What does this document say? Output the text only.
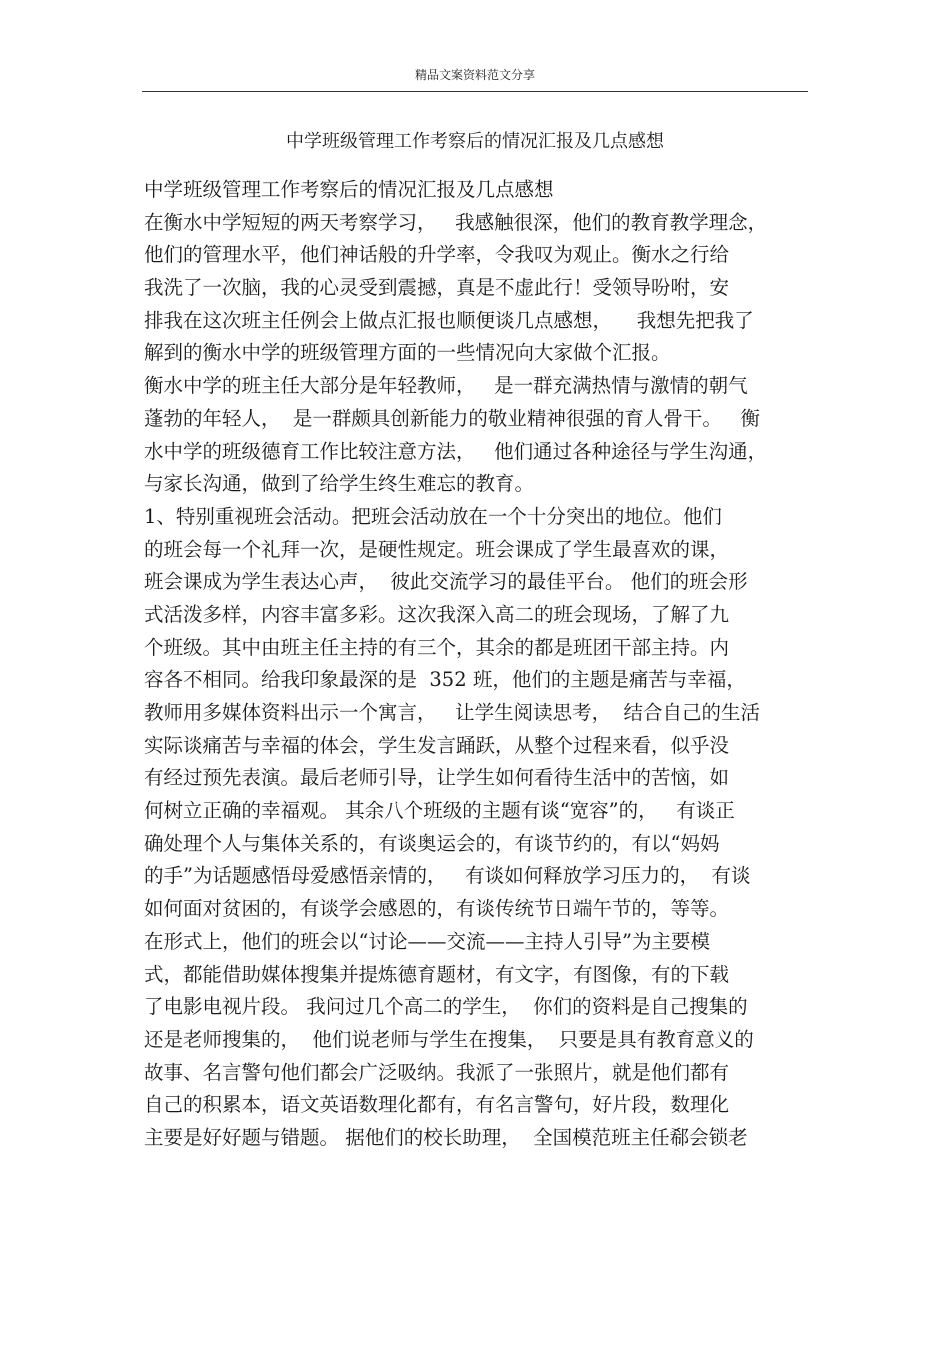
精品文案资料范文分享
中学班级管理工作考察后的情况汇报及几点感想
中学班级管理工作考察后的情况汇报及几点感想
在衡水中学短短的两天考察学习，   我感触很深，他们的教育教学理念，
他们的管理水平，他们神话般的升学率，令我叹为观止。衡水之行给
我洗了一次脑，我的心灵受到震撼，真是不虚此行！受领导吩咐，安
排我在这次班主任例会上做点汇报也顺便谈几点感想，    我想先把我了
解到的衡水中学的班级管理方面的一些情况向大家做个汇报。
衡水中学的班主任大部分是年轻教师，   是一群充满热情与激情的朝气
蓬勃的年轻人，  是一群颇具创新能力的敬业精神很强的育人骨干。   衡
水中学的班级德育工作比较注意方法，   他们通过各种途径与学生沟通，
与家长沟通，做到了给学生终生难忘的教育。
1、特别重视班会活动。把班会活动放在一个十分突出的地位。他们
的班会每一个礼拜一次，是硬性规定。班会课成了学生最喜欢的课，
班会课成为学生表达心声，  彼此交流学习的最佳平台。 他们的班会形
式活泼多样，内容丰富多彩。这次我深入高二的班会现场，了解了九
个班级。其中由班主任主持的有三个，其余的都是班团干部主持。内
容各不相同。给我印象最深的是  352 班，他们的主题是痛苦与幸福，
教师用多媒体资料出示一个寓言，   让学生阅读思考，  结合自己的生活
实际谈痛苦与幸福的体会，学生发言踊跃，从整个过程来看，似乎没
有经过预先表演。最后老师引导，让学生如何看待生活中的苦恼，如
何树立正确的幸福观。 其余八个班级的主题有谈“宽容”的，   有谈正
确处理个人与集体关系的，有谈奥运会的，有谈节约的，有以“妈妈
的手”为话题感悟母爱感悟亲情的，   有谈如何释放学习压力的，  有谈
如何面对贫困的，有谈学会感恩的，有谈传统节日端午节的，等等。
在形式上，他们的班会以“讨论——交流——主持人引导”为主要模
式，都能借助媒体搜集并提炼德育题材，有文字，有图像，有的下载
了电影电视片段。 我问过几个高二的学生，  你们的资料是自己搜集的
还是老师搜集的，  他们说老师与学生在搜集，  只要是具有教育意义的
故事、名言警句他们都会广泛吸纳。我派了一张照片，就是他们都有
自己的积累本，语文英语数理化都有，有名言警句，好片段，数理化
主要是好好题与错题。 据他们的校长助理，  全国模范班主任郗会锁老
